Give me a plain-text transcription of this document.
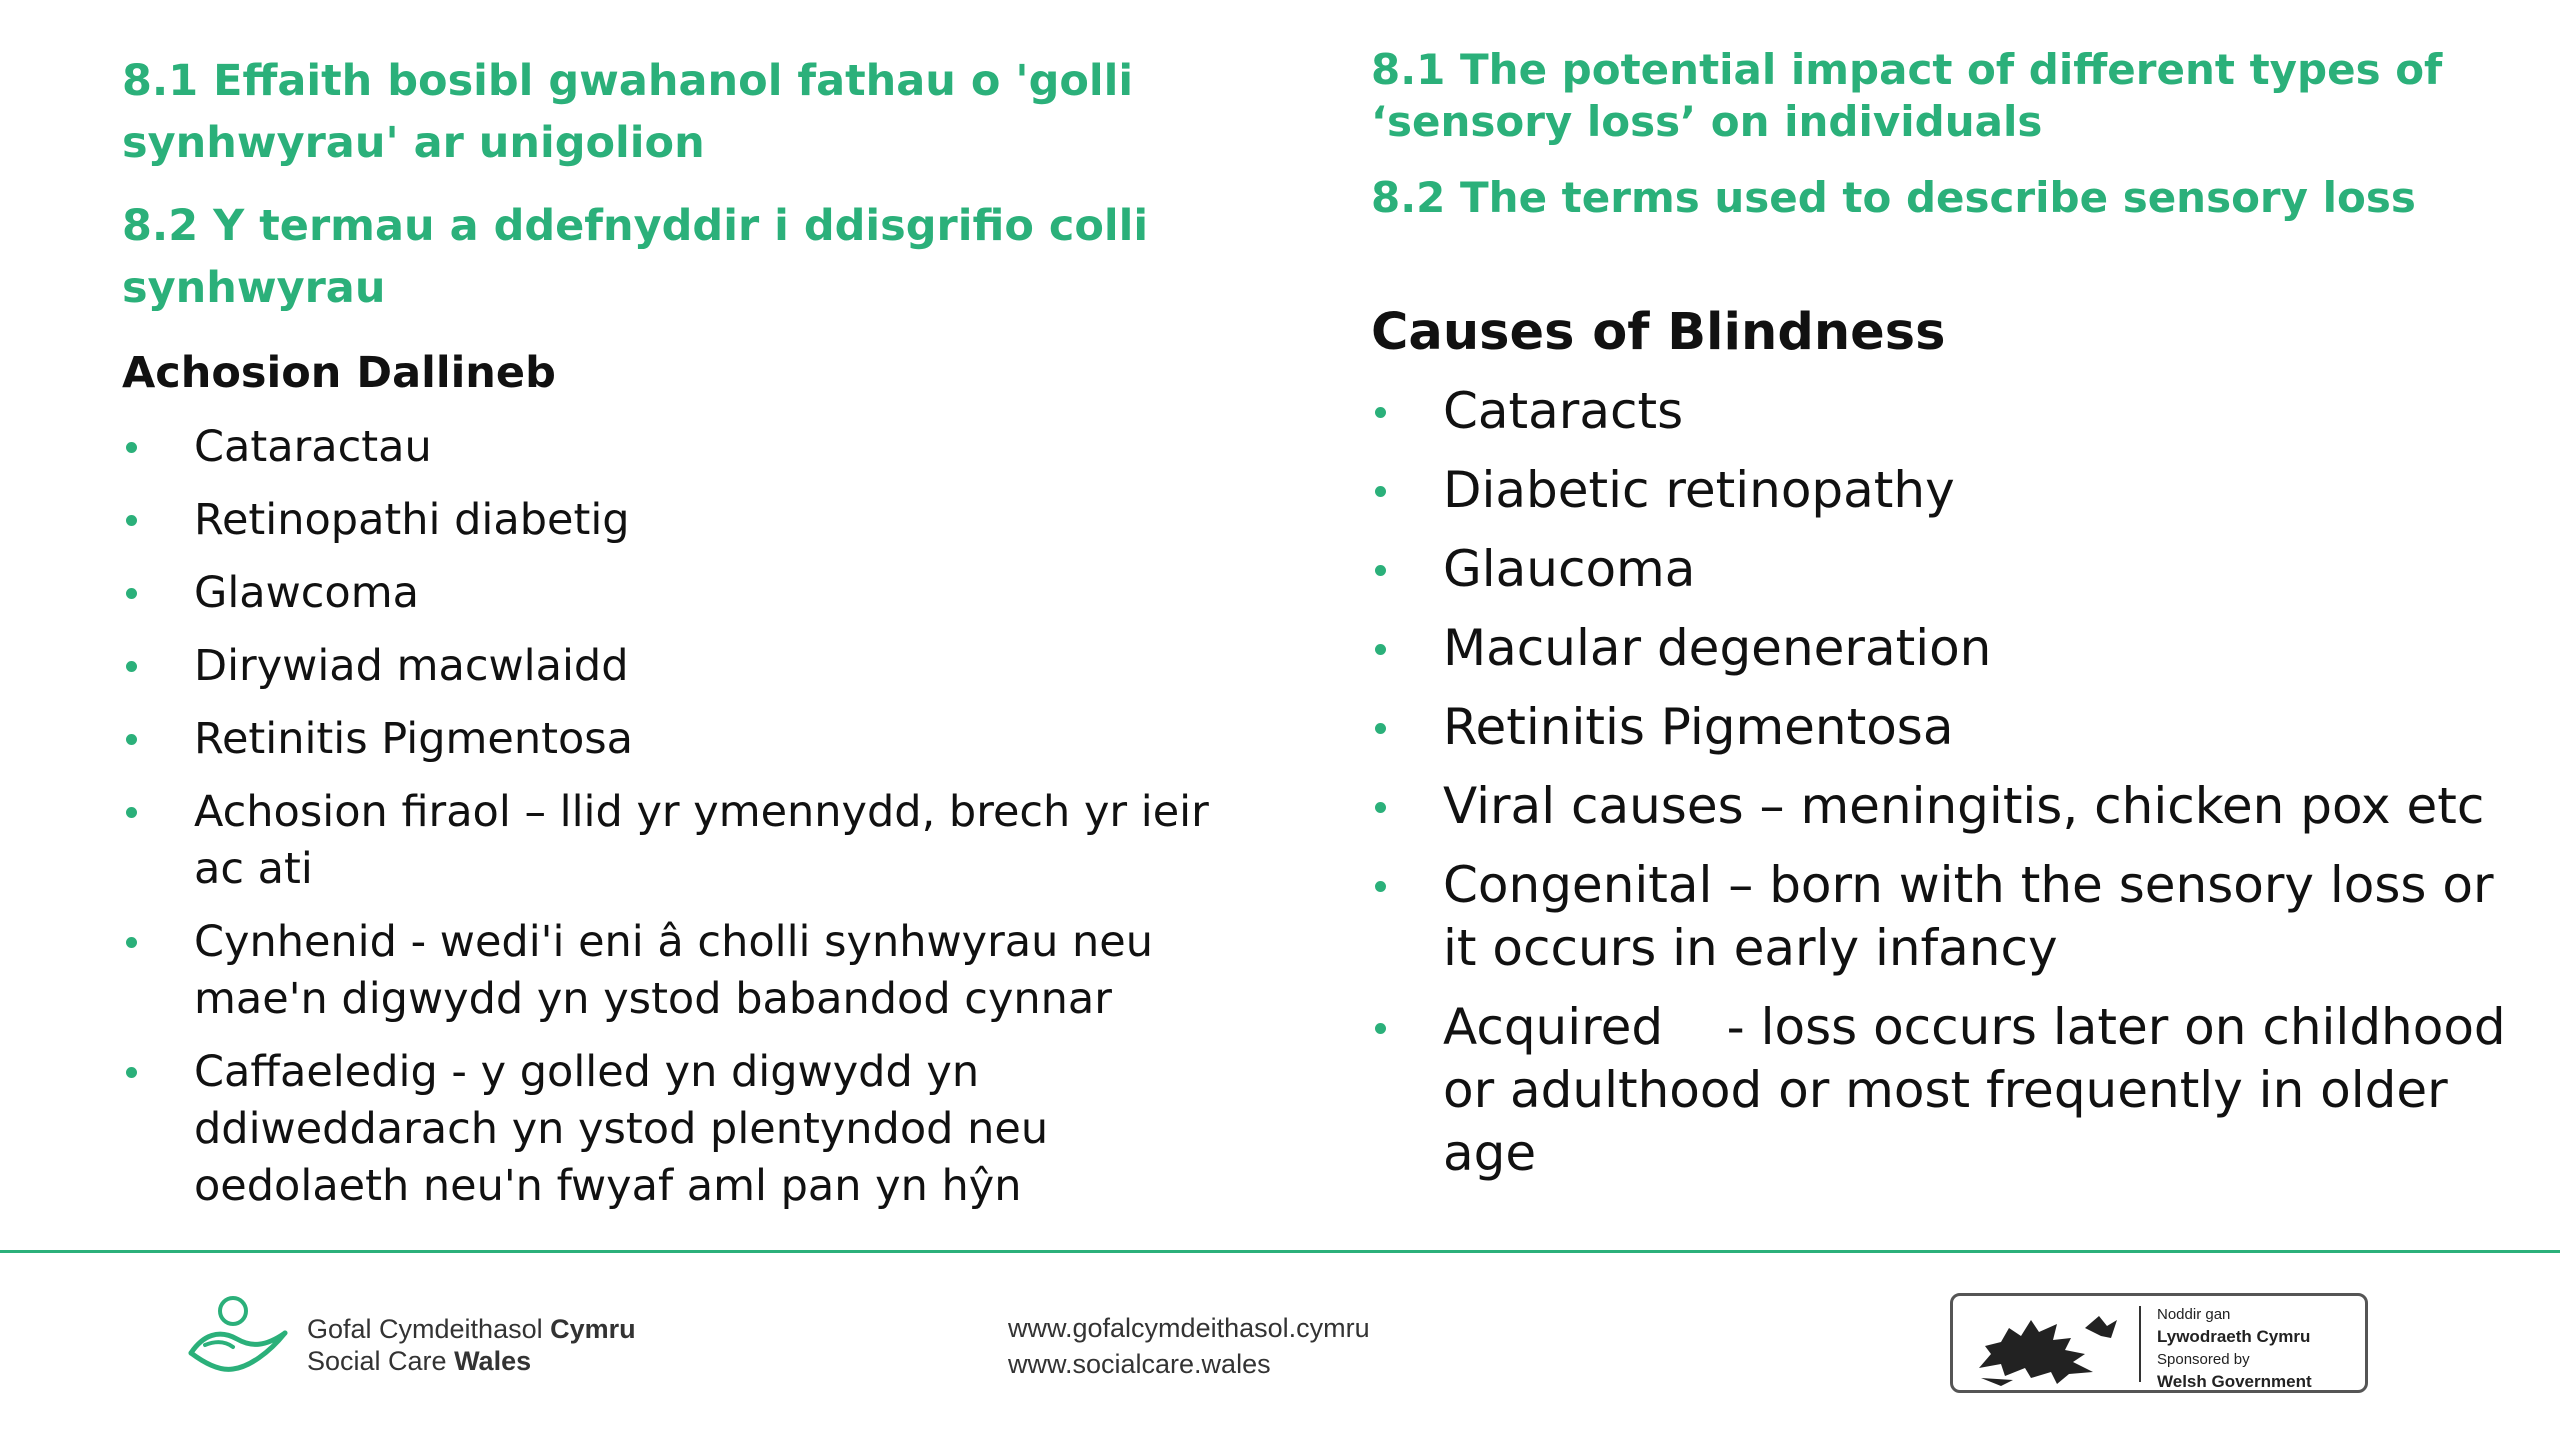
8.1 Effaith bosibl gwahanol fathau o 'golli synhwyrau' ar unigolion
8.2 Y termau a ddefnyddir i ddisgrifio colli synhwyrau
Achosion Dallineb
Cataractau
Retinopathi diabetig
Glawcoma
Dirywiad macwlaidd
Retinitis Pigmentosa
Achosion firaol – llid yr ymennydd, brech yr ieir ac ati
Cynhenid - wedi'i eni â cholli synhwyrau neu mae'n digwydd yn ystod babandod cynnar
Caffaeledig - y golled yn digwydd yn ddiweddarach yn ystod plentyndod neu oedolaeth neu'n fwyaf aml pan yn hŷn
8.1 The potential impact of different types of ‘sensory loss’ on individuals
8.2 The terms used to describe sensory loss
Causes of Blindness
Cataracts
Diabetic retinopathy
Glaucoma
Macular degeneration
Retinitis Pigmentosa
Viral causes – meningitis, chicken pox etc
Congenital – born with the sensory loss or it occurs in early infancy
Acquired    - loss occurs later on childhood or adulthood or most frequently in older age
Gofal Cymdeithasol Cymru
Social Care Wales
www.gofalcymdeithasol.cymru
www.socialcare.wales
Noddir gan
Lywodraeth Cymru
Sponsored by
Welsh Government
